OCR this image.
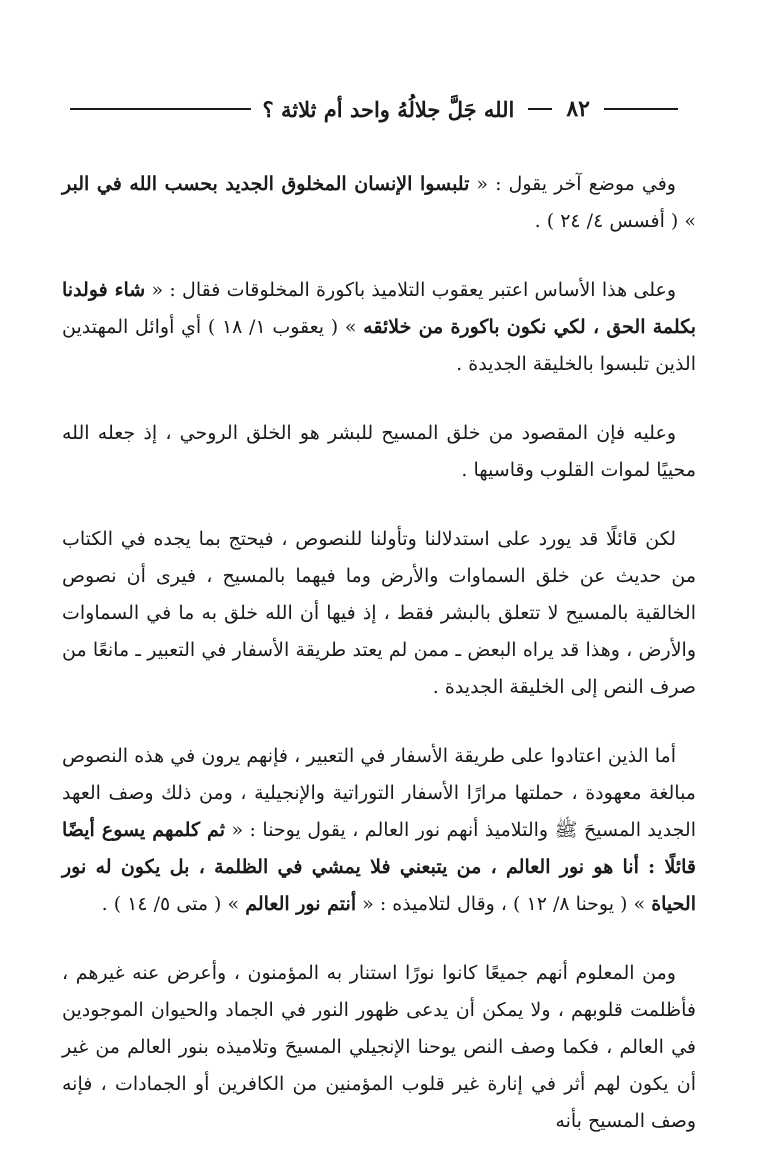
٨٢
الله جَلَّ جلالُهُ واحد أم ثلاثة ؟

وفي موضع آخر يقول : « تلبسوا الإنسان المخلوق الجديد بحسب الله في البر » ( أفسس ٤/ ٢٤ ) .

وعلى هذا الأساس اعتبر يعقوب التلاميذ باكورة المخلوقات فقال : « شاء فولدنا بكلمة الحق ، لكي نكون باكورة من خلائقه » ( يعقوب ١/ ١٨ ) أي أوائل المهتدين الذين تلبسوا بالخليقة الجديدة .

وعليه فإن المقصود من خلق المسيح للبشر هو الخلق الروحي ، إذ جعله الله محييًا لموات القلوب وقاسيها .

لكن قائلًا قد يورد على استدلالنا وتأولنا للنصوص ، فيحتج بما يجده في الكتاب من حديث عن خلق السماوات والأرض وما فيهما بالمسيح ، فيرى أن نصوص الخالقية بالمسيح لا تتعلق بالبشر فقط ، إذ فيها أن الله خلق به ما في السماوات والأرض ، وهذا قد يراه البعض ـ ممن لم يعتد طريقة الأسفار في التعبير ـ مانعًا من صرف النص إلى الخليقة الجديدة .

أما الذين اعتادوا على طريقة الأسفار في التعبير ، فإنهم يرون في هذه النصوص مبالغة معهودة ، حملتها مرارًا الأسفار التوراتية والإنجيلية ، ومن ذلك وصف العهد الجديد المسيحَ ﷺ والتلاميذ أنهم نور العالم ، يقول يوحنا : « ثم كلمهم يسوع أيضًا قائلًا : أنا هو نور العالم ، من يتبعني فلا يمشي في الظلمة ، بل يكون له نور الحياة » ( يوحنا ٨/ ١٢ ) ، وقال لتلاميذه : « أنتم نور العالم » ( متى ٥/ ١٤ ) .

ومن المعلوم أنهم جميعًا كانوا نورًا استنار به المؤمنون ، وأعرض عنه غيرهم ، فأظلمت قلوبهم ، ولا يمكن أن يدعى ظهور النور في الجماد والحيوان الموجودين في العالم ، فكما وصف النص يوحنا الإنجيلي المسيحَ وتلاميذه بنور العالم من غير أن يكون لهم أثر في إنارة غير قلوب المؤمنين من الكافرين أو الجمادات ، فإنه وصف المسيح بأنه
